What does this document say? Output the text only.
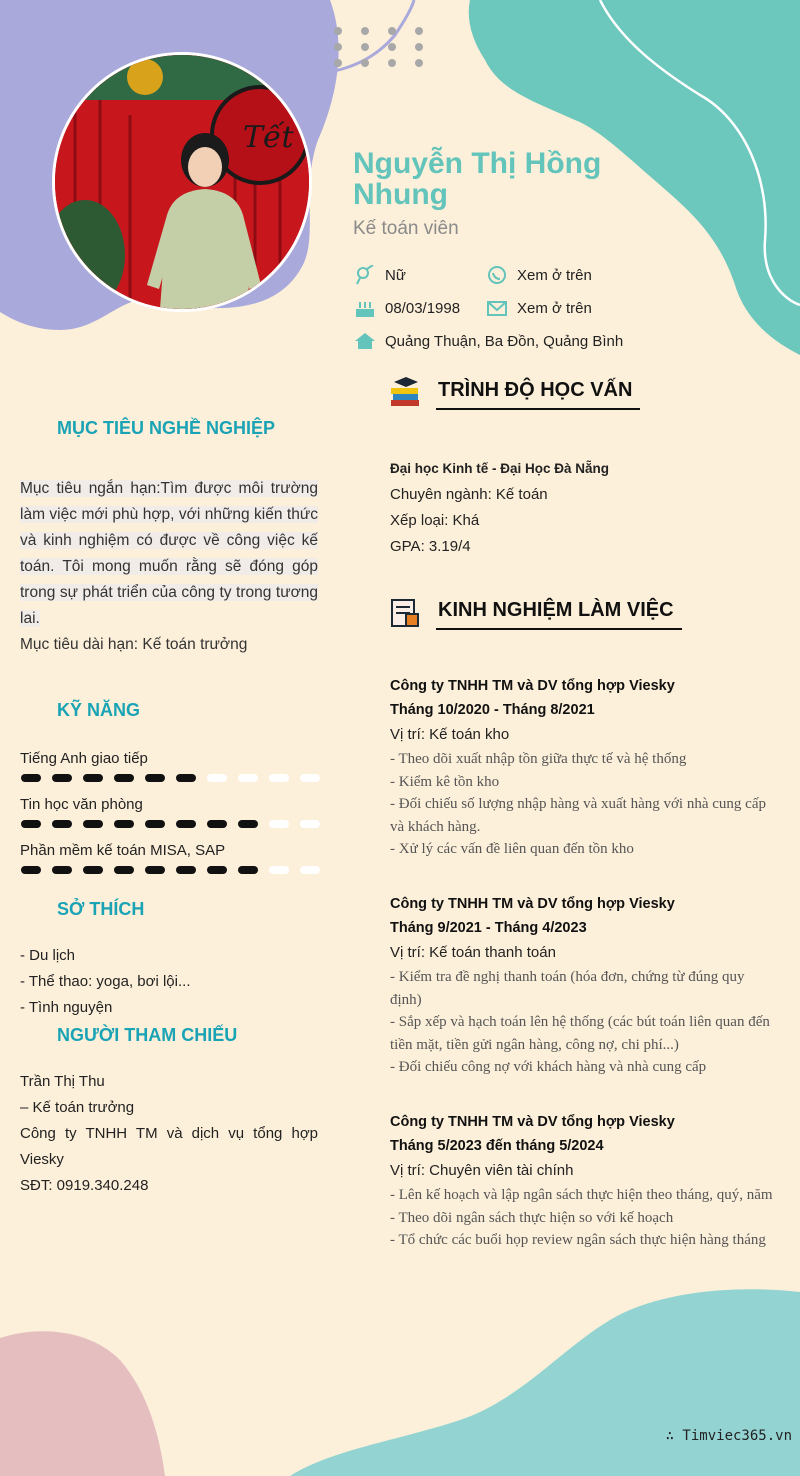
Tết
Nguyễn Thị Hồng Nhung
Kế toán viên
Nữ	Xem ở trên
08/03/1998	Xem ở trên
Quảng Thuận, Ba Đồn, Quảng Bình
MỤC TIÊU NGHỀ NGHIỆP
Mục tiêu ngắn hạn:Tìm được môi trường làm việc mới phù hợp, với những kiến thức và kinh nghiệm có được về công việc kế toán. Tôi mong muốn rằng sẽ đóng góp trong sự phát triển của công ty trong tương lai.
Mục tiêu dài hạn: Kế toán trưởng
KỸ NĂNG
Tiếng Anh giao tiếp
Tin học văn phòng
Phần mềm kế toán MISA, SAP
SỞ THÍCH
- Du lịch
- Thể thao: yoga, bơi lội...
- Tình nguyện
NGƯỜI THAM CHIẾU
Trần Thị Thu
– Kế toán trưởng
Công ty TNHH TM và dịch vụ tổng hợp
Viesky
SĐT: 0919.340.248
TRÌNH ĐỘ HỌC VẤN
Đại học Kinh tế - Đại Học Đà Nẵng
Chuyên ngành: Kế toán
Xếp loại: Khá
GPA: 3.19/4
KINH NGHIỆM LÀM VIỆC
Công ty TNHH TM và DV tổng hợp Viesky
Tháng 10/2020 - Tháng 8/2021
Vị trí: Kế toán kho
- Theo dõi xuất nhập tồn giữa thực tế và hệ thống
- Kiểm kê tồn kho
- Đối chiếu số lượng nhập hàng và xuất hàng với nhà cung cấp và khách hàng.
- Xử lý các vấn đề liên quan đến tồn kho
Công ty TNHH TM và DV tổng hợp Viesky
Tháng 9/2021 - Tháng 4/2023
Vị trí: Kế toán thanh toán
- Kiểm tra đề nghị thanh toán (hóa đơn, chứng từ đúng quy định)
- Sắp xếp và hạch toán lên hệ thống (các bút toán liên quan đến tiền mặt, tiền gửi ngân hàng, công nợ, chi phí...)
- Đối chiếu công nợ với khách hàng và nhà cung cấp
Công ty TNHH TM và DV tổng hợp Viesky
Tháng 5/2023 đến tháng 5/2024
Vị trí: Chuyên viên tài chính
- Lên kế hoạch và lập ngân sách thực hiện theo tháng, quý, năm
- Theo dõi ngân sách thực hiện so với kế hoạch
- Tổ chức các buổi họp review ngân sách thực hiện hàng tháng
∴ Timviec365.vn
